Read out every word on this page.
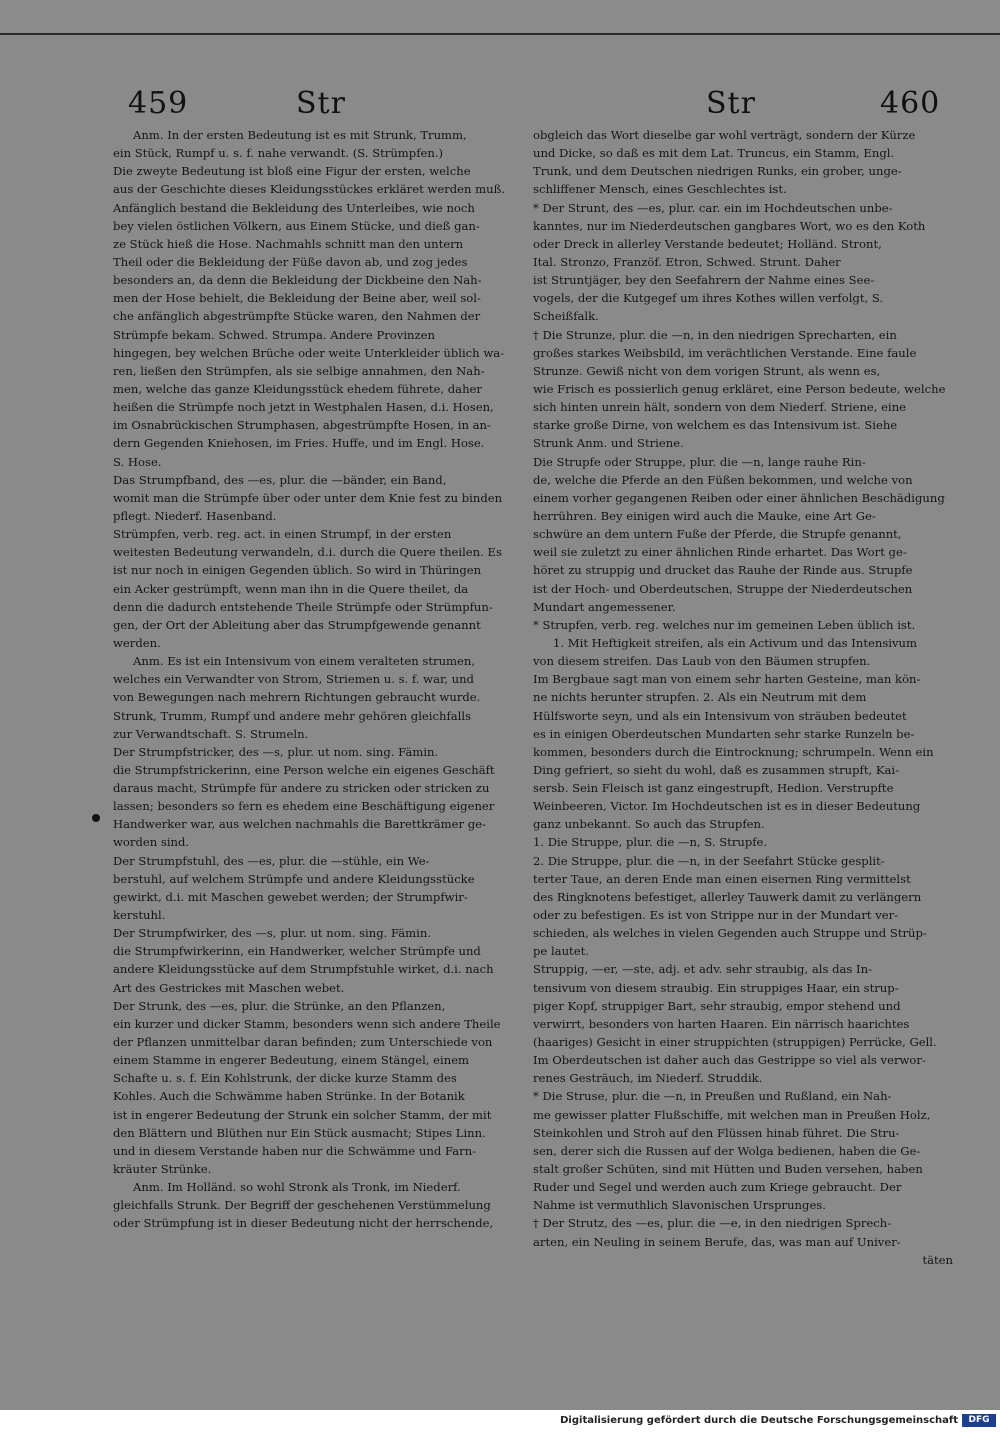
459	Str	Str	460
Anm. In der ersten Bedeutung ist es mit Strunk, Trumm,
ein Stück, Rumpf u. s. f. nahe verwandt. (S. Strümpfen.)
Die zweyte Bedeutung ist bloß eine Figur der ersten, welche
aus der Geschichte dieses Kleidungsstückes erkläret werden muß.
Anfänglich bestand die Bekleidung des Unterleibes, wie noch
bey vielen östlichen Völkern, aus Einem Stücke, und dieß gan-
ze Stück hieß die Hose. Nachmahls schnitt man den untern
Theil oder die Bekleidung der Füße davon ab, und zog jedes
besonders an, da denn die Bekleidung der Dickbeine den Nah-
men der Hose behielt, die Bekleidung der Beine aber, weil sol-
che anfänglich abgestrümpfte Stücke waren, den Nahmen der
Strümpfe bekam. Schwed. Strumpa. Andere Provinzen
hingegen, bey welchen Brüche oder weite Unterkleider üblich wa-
ren, ließen den Strümpfen, als sie selbige annahmen, den Nah-
men, welche das ganze Kleidungsstück ehedem führete, daher
heißen die Strümpfe noch jetzt in Westphalen Hasen, d.i. Hosen,
im Osnabrückischen Strumphasen, abgestrümpfte Hosen, in an-
dern Gegenden Kniehosen, im Fries. Huffe, und im Engl. Hose.
S. Hose.
Das Strumpfband, des —es, plur. die —bänder, ein Band,
womit man die Strümpfe über oder unter dem Knie fest zu binden
pflegt. Niederf. Hasenband.
Strümpfen, verb. reg. act. in einen Strumpf, in der ersten
weitesten Bedeutung verwandeln, d.i. durch die Quere theilen. Es
ist nur noch in einigen Gegenden üblich. So wird in Thüringen
ein Acker gestrümpft, wenn man ihn in die Quere theilet, da
denn die dadurch entstehende Theile Strümpfe oder Strümpfun-
gen, der Ort der Ableitung aber das Strumpfgewende genannt
werden.
Anm. Es ist ein Intensivum von einem veralteten strumen,
welches ein Verwandter von Strom, Striemen u. s. f. war, und
von Bewegungen nach mehrern Richtungen gebraucht wurde.
Strunk, Trumm, Rumpf und andere mehr gehören gleichfalls
zur Verwandtschaft. S. Strumeln.
Der Strumpfstricker, des —s, plur. ut nom. sing. Fämin.
die Strumpfstrickerinn, eine Person welche ein eigenes Geschäft
daraus macht, Strümpfe für andere zu stricken oder stricken zu
lassen; besonders so fern es ehedem eine Beschäftigung eigener
Handwerker war, aus welchen nachmahls die Barettkrämer ge-
worden sind.
Der Strumpfstuhl, des —es, plur. die —stühle, ein We-
berstuhl, auf welchem Strümpfe und andere Kleidungsstücke
gewirkt, d.i. mit Maschen gewebet werden; der Strumpfwir-
kerstuhl.
Der Strumpfwirker, des —s, plur. ut nom. sing. Fämin.
die Strumpfwirkerinn, ein Handwerker, welcher Strümpfe und
andere Kleidungsstücke auf dem Strumpfstuhle wirket, d.i. nach
Art des Gestrickes mit Maschen webet.
Der Strunk, des —es, plur. die Strünke, an den Pflanzen,
ein kurzer und dicker Stamm, besonders wenn sich andere Theile
der Pflanzen unmittelbar daran befinden; zum Unterschiede von
einem Stamme in engerer Bedeutung, einem Stängel, einem
Schafte u. s. f. Ein Kohlstrunk, der dicke kurze Stamm des
Kohles. Auch die Schwämme haben Strünke. In der Botanik
ist in engerer Bedeutung der Strunk ein solcher Stamm, der mit
den Blättern und Blüthen nur Ein Stück ausmacht; Stipes Linn.
und in diesem Verstande haben nur die Schwämme und Farn-
kräuter Strünke.
Anm. Im Holländ. so wohl Stronk als Tronk, im Niederf.
gleichfalls Strunk. Der Begriff der geschehenen Verstümmelung
oder Strümpfung ist in dieser Bedeutung nicht der herrschende,
obgleich das Wort dieselbe gar wohl verträgt, sondern der Kürze
und Dicke, so daß es mit dem Lat. Truncus, ein Stamm, Engl.
Trunk, und dem Deutschen niedrigen Runks, ein grober, unge-
schliffener Mensch, eines Geschlechtes ist.
* Der Strunt, des —es, plur. car. ein im Hochdeutschen unbe-
kanntes, nur im Niederdeutschen gangbares Wort, wo es den Koth
oder Dreck in allerley Verstande bedeutet; Holländ. Stront,
Ital. Stronzo, Franzöf. Etron, Schwed. Strunt. Daher
ist Struntjäger, bey den Seefahrern der Nahme eines See-
vogels, der die Kutgegef um ihres Kothes willen verfolgt, S.
Scheißfalk.
† Die Strunze, plur. die —n, in den niedrigen Sprecharten, ein
großes starkes Weibsbild, im verächtlichen Verstande. Eine faule
Strunze. Gewiß nicht von dem vorigen Strunt, als wenn es,
wie Frisch es possierlich genug erkläret, eine Person bedeute, welche
sich hinten unrein hält, sondern von dem Niederf. Striene, eine
starke große Dirne, von welchem es das Intensivum ist. Siehe
Strunk Anm. und Striene.
Die Strupfe oder Struppe, plur. die —n, lange rauhe Rin-
de, welche die Pferde an den Füßen bekommen, und welche von
einem vorher gegangenen Reiben oder einer ähnlichen Beschädigung
herrühren. Bey einigen wird auch die Mauke, eine Art Ge-
schwüre an dem untern Fuße der Pferde, die Strupfe genannt,
weil sie zuletzt zu einer ähnlichen Rinde erhartet. Das Wort ge-
höret zu struppig und drucket das Rauhe der Rinde aus. Strupfe
ist der Hoch- und Oberdeutschen, Struppe der Niederdeutschen
Mundart angemessener.
* Strupfen, verb. reg. welches nur im gemeinen Leben üblich ist.
1. Mit Heftigkeit streifen, als ein Activum und das Intensivum
von diesem streifen. Das Laub von den Bäumen strupfen.
Im Bergbaue sagt man von einem sehr harten Gesteine, man kön-
ne nichts herunter strupfen. 2. Als ein Neutrum mit dem
Hülfsworte seyn, und als ein Intensivum von sträuben bedeutet
es in einigen Oberdeutschen Mundarten sehr starke Runzeln be-
kommen, besonders durch die Eintrocknung; schrumpeln. Wenn ein
Ding gefriert, so sieht du wohl, daß es zusammen strupft, Kai-
sersb. Sein Fleisch ist ganz eingestrupft, Hedion. Verstrupfte
Weinbeeren, Victor. Im Hochdeutschen ist es in dieser Bedeutung
ganz unbekannt. So auch das Strupfen.
1. Die Struppe, plur. die —n, S. Strupfe.
2. Die Struppe, plur. die —n, in der Seefahrt Stücke gesplit-
terter Taue, an deren Ende man einen eisernen Ring vermittelst
des Ringknotens befestiget, allerley Tauwerk damit zu verlängern
oder zu befestigen. Es ist von Strippe nur in der Mundart ver-
schieden, als welches in vielen Gegenden auch Struppe und Strüp-
pe lautet.
Struppig, —er, —ste, adj. et adv. sehr straubig, als das In-
tensivum von diesem straubig. Ein struppiges Haar, ein strup-
piger Kopf, struppiger Bart, sehr straubig, empor stehend und
verwirrt, besonders von harten Haaren. Ein närrisch haarichtes
(haariges) Gesicht in einer struppichten (struppigen) Perrücke, Gell.
Im Oberdeutschen ist daher auch das Gestrippe so viel als verwor-
renes Gesträuch, im Niederf. Struddik.
* Die Struse, plur. die —n, in Preußen und Rußland, ein Nah-
me gewisser platter Flußschiffe, mit welchen man in Preußen Holz,
Steinkohlen und Stroh auf den Flüssen hinab führet. Die Stru-
sen, derer sich die Russen auf der Wolga bedienen, haben die Ge-
stalt großer Schüten, sind mit Hütten und Buden versehen, haben
Ruder und Segel und werden auch zum Kriege gebraucht. Der
Nahme ist vermuthlich Slavonischen Ursprunges.
† Der Strutz, des —es, plur. die —e, in den niedrigen Sprech-
arten, ein Neuling in seinem Berufe, das, was man auf Univer-
täten
Digitalisierung gefördert durch die Deutsche Forschungsgemeinschaft	DFG
